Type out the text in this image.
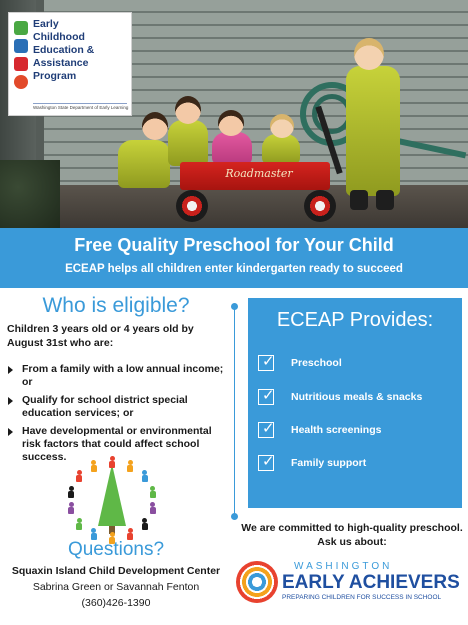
Roadmaster
Early
Childhood
Education &
Assistance
Program
Washington State Department of Early Learning
Free Quality Preschool for Your Child
ECEAP helps all children enter kindergarten ready to succeed
Who is eligible?
Children 3 years old or 4 years old by August 31st who are:
From a family with a low annual income; or
Qualify for school district special education services; or
Have developmental or environmental risk factors that could affect school success.
Questions?
Squaxin Island Child Development Center
Sabrina Green or Savannah Fenton
(360)426-1390
ECEAP Provides:
✓ Preschool
✓ Nutritious meals & snacks
✓ Health screenings
✓ Family support
We are committed to high-quality preschool.
Ask us about:
WASHINGTON
EARLY ACHIEVERS
PREPARING CHILDREN FOR SUCCESS IN SCHOOL
